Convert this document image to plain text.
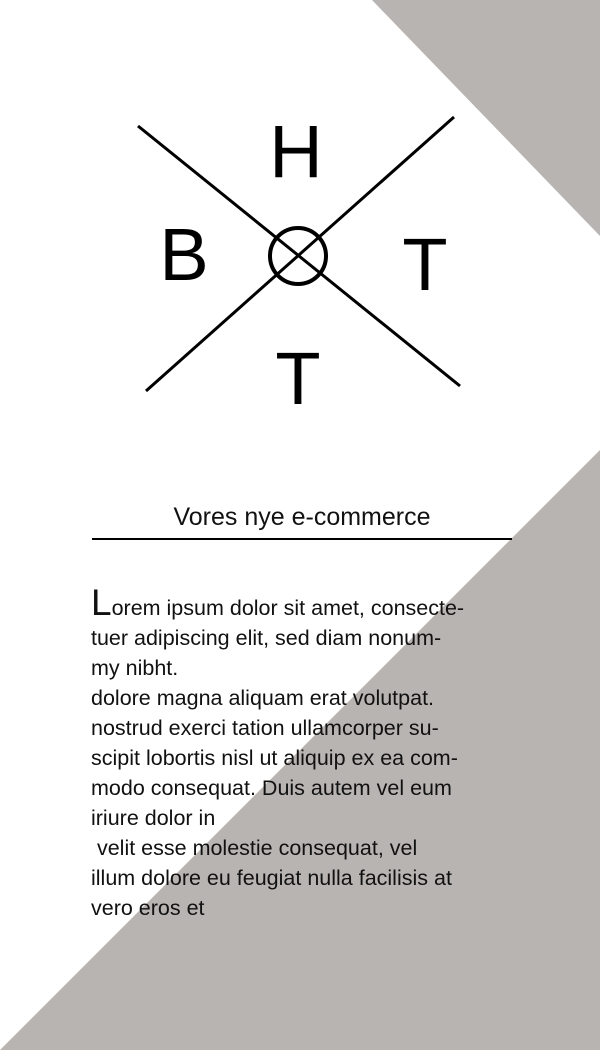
H
B	T
T
Vores nye e-commerce
Lorem ipsum dolor sit amet, consecte-
tuer adipiscing elit, sed diam nonum-
my nibht.
dolore magna aliquam erat volutpat.
nostrud exerci tation ullamcorper su-
scipit lobortis nisl ut aliquip ex ea com-
modo consequat. Duis autem vel eum
iriure dolor in
velit esse molestie consequat, vel
illum dolore eu feugiat nulla facilisis at
vero eros et
